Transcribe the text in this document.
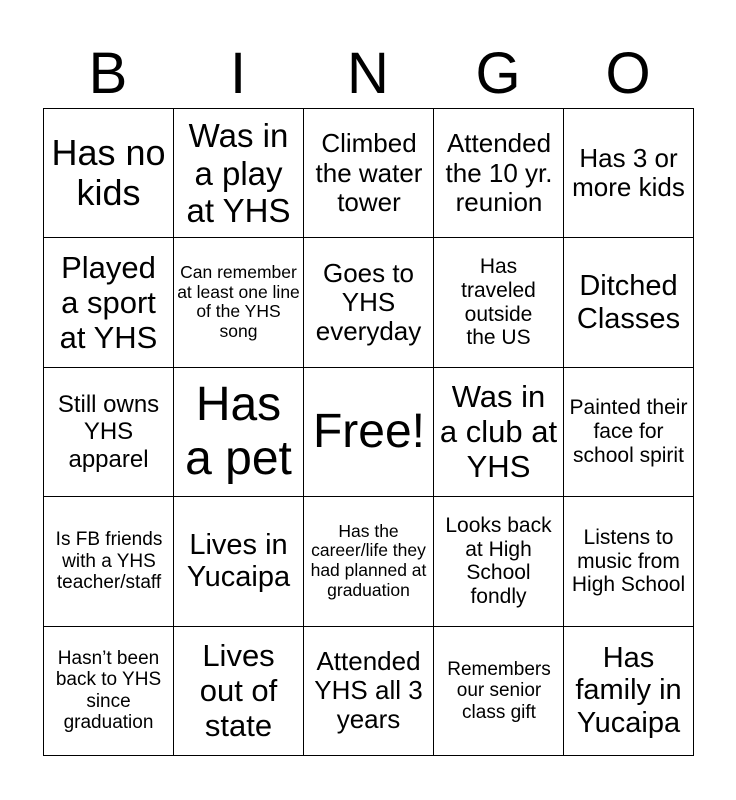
B	I	N	G	O
Has no kids	Was in a play at YHS	Climbed the water tower	Attended the 10 yr. reunion	Has 3 or more kids
Played a sport at YHS	Can remember at least one line of the YHS song	Goes to YHS everyday	Has traveled outside the US	Ditched Classes
Still owns YHS apparel	Has a pet	Free!	Was in a club at YHS	Painted their face for school spirit
Is FB friends with a YHS teacher/staff	Lives in Yucaipa	Has the career/life they had planned at graduation	Looks back at High School fondly	Listens to music from High School
Hasn’t been back to YHS since graduation	Lives out of state	Attended YHS all 3 years	Remembers our senior class gift	Has family in Yucaipa
